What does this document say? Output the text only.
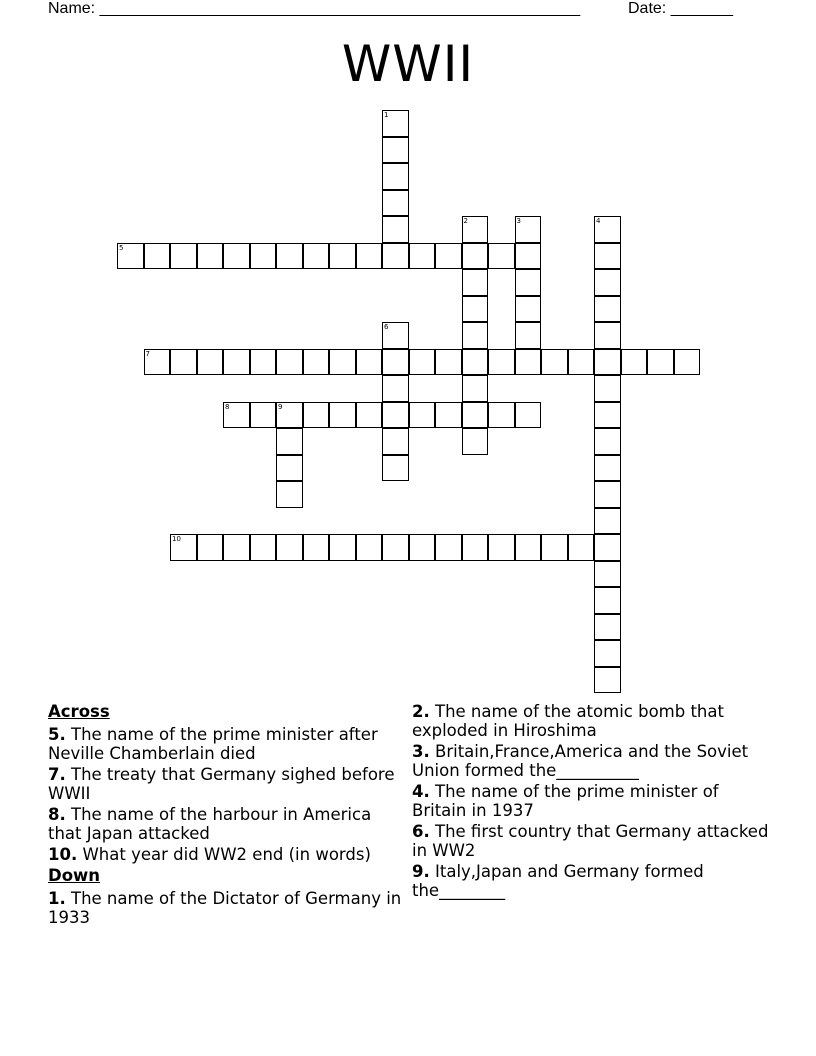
Name: ______________________________________________________	Date: _______
WWII
1
2	3	4
5
6
7
8	9
10
Across
5. The name of the prime minister after Neville Chamberlain died
7. The treaty that Germany sighed before WWII
8. The name of the harbour in America that Japan attacked
10. What year did WW2 end (in words)
Down
1. The name of the Dictator of Germany in 1933
2. The name of the atomic bomb that exploded in Hiroshima
3. Britain,France,America and the Soviet Union formed the__________
4. The name of the prime minister of Britain in 1937
6. The first country that Germany attacked in WW2
9. Italy,Japan and Germany formed the________
